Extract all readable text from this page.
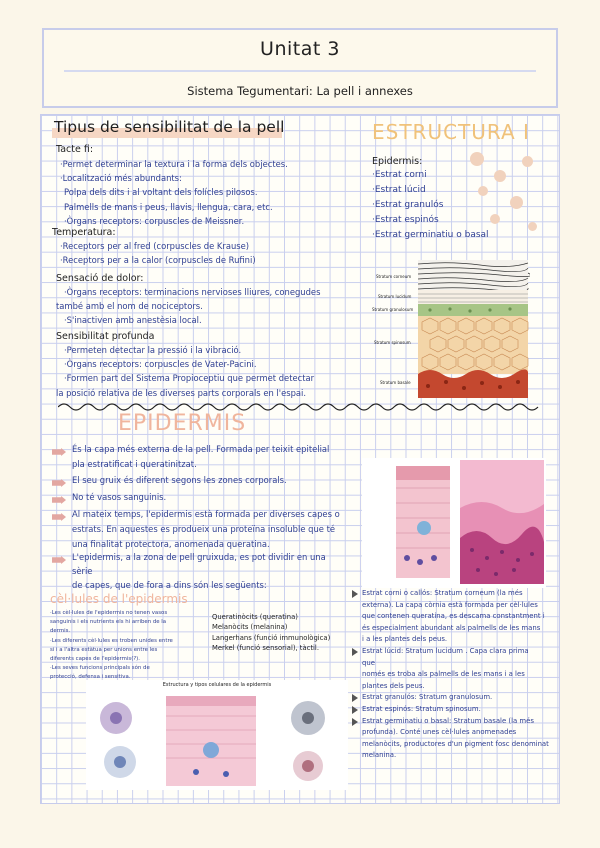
Unitat 3
Sistema Tegumentari: La pell i annexes
Tipus de sensibilitat de la pell
Tacte fi:
·Permet determinar la textura i la forma dels objectes.
·Localització més abundants:
Polpa dels dits i al voltant dels folícles pilosos.
Palmells de mans i peus, llavis, llengua, cara, etc.
·Òrgans receptors: corpuscles de Meissner.
Temperatura:
·Receptors per al fred (corpuscles de Krause)
·Receptors per a la calor (corpuscles de Rufini)
Sensació de dolor:
·Òrgans receptors: terminacions nervioses lliures, conegudes
també amb el nom de nociceptors.
·S'inactiven amb anestèsia local.
Sensibilitat profunda
·Permeten detectar la pressió i la vibració.
·Òrgans receptors: corpuscles de Vater-Pacini.
·Formen part del Sistema Propioceptiu que permet detectar
la posició relativa de les diverses parts corporals en l'espai.
ESTRUCTURA I
Epidermis:
·Estrat corni
·Estrat lúcid
·Estrat granulós
·Estrat espinós
·Estrat germinatiu o basal
Stratum corneum
Stratum lucidum
Stratum granulosum
Stratum spinosum
Stratum basale
EPIDERMIS
És la capa més externa de la pell. Formada per teixit epitelial
pla estratificat i queratinitzat.
El seu gruix és diferent segons les zones corporals.
No té vasos sanguinis.
Al mateix temps, l'epidermis està formada per diverses capes o
estrats. En aquestes es produeix una proteïna insoluble que té
una finalitat protectora, anomenada queratina.
L'epidermis, a la zona de pell gruixuda, es pot dividir en una
sèrie
de capes, que de fora a dins són les següents:
cèl·lules de l'epidermis
·Les cèl·lules de l'epidermis no tenen vasos
sanguinis i els nutrients els hi arriben de la
dermis.
·Les diferents cèl·lules es troben unides entre
si i a l'altra estàtua per unions entre les
diferents capes de l'epidermis(?).
·Les seves funcions principals són de
protecció, defensa i sensitiva.
Queratinòcits (queratina)
Melanòcits (melanina)
Langerhans (funció immunològica)
Merkel (funció sensorial), tàctil.
Estructura y tipos celulares de la epidermis
Estrat corni o callós: Stratum corneum (la més
externa). La capa còrnia està formada per cèl·lules
que contenen queratina, es descama constantment i
és especialment abundant als palmells de les mans
i a les plantes dels peus.
Estrat lúcid: Stratum lucidum . Capa clara prima
que
només es troba als palmells de les mans i a les
plantes dels peus.
Estrat granulós: Stratum granulosum.
Estrat espinós: Stratum spinosum.
Estrat germinatiu o basal: Stratum basale (la més
profunda). Conté unes cèl·lules anomenades
melanòcits, productores d'un pigment fosc denominat
melanina.
